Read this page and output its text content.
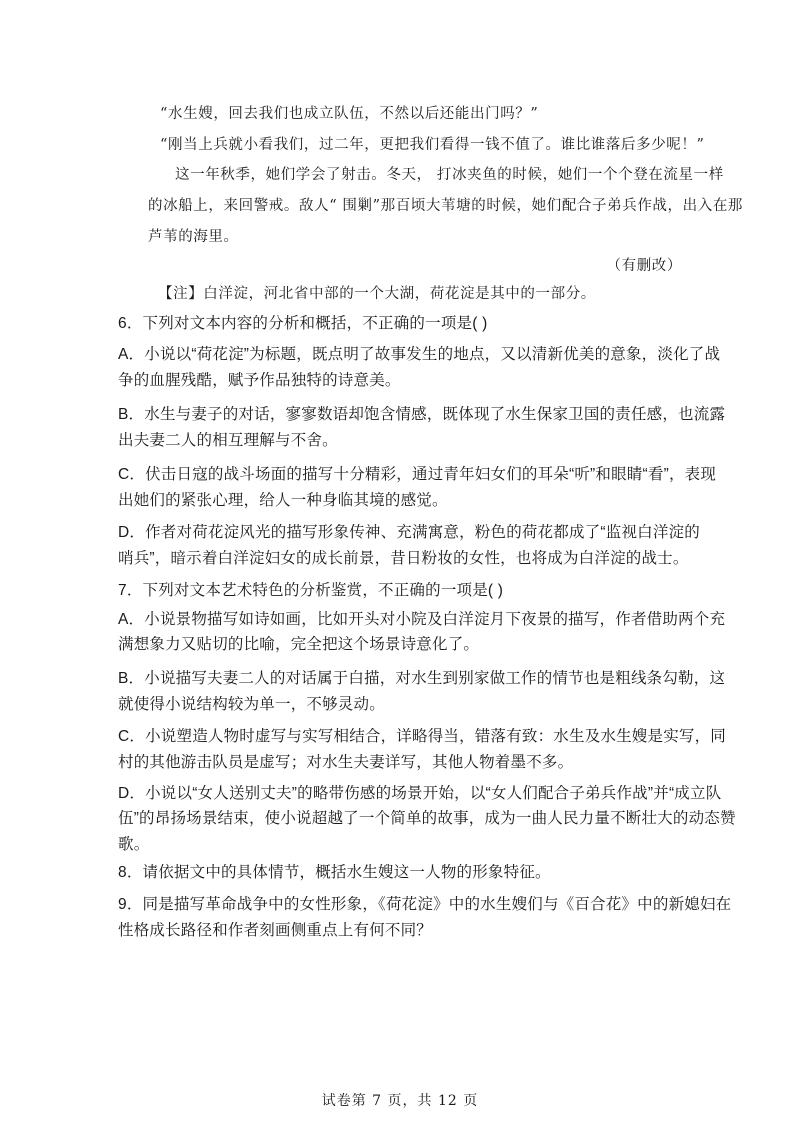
“水生嫂，回去我们也成立队伍，不然以后还能出门吗？”
“刚当上兵就小看我们，过二年，更把我们看得一钱不值了。谁比谁落后多少呢！”
这一年秋季，她们学会了射击。冬天， 打冰夹鱼的时候，她们一个个登在流星一样
的冰船上，来回警戒。敌人“ 围剿”那百顷大苇塘的时候，她们配合子弟兵作战，出入在那
芦苇的海里。
（有删改）
【注】白洋淀，河北省中部的一个大湖，荷花淀是其中的一部分。
6．下列对文本内容的分析和概括，不正确的一项是( )
A．小说以“荷花淀”为标题，既点明了故事发生的地点，又以清新优美的意象，淡化了战
争的血腥残酷，赋予作品独特的诗意美。
B．水生与妻子的对话，寥寥数语却饱含情感，既体现了水生保家卫国的责任感，也流露
出夫妻二人的相互理解与不舍。
C．伏击日寇的战斗场面的描写十分精彩，通过青年妇女们的耳朵“听”和眼睛“看”，表现
出她们的紧张心理，给人一种身临其境的感觉。
D．作者对荷花淀风光的描写形象传神、充满寓意，粉色的荷花都成了“监视白洋淀的
哨兵”，暗示着白洋淀妇女的成长前景，昔日粉妆的女性，也将成为白洋淀的战士。
7．下列对文本艺术特色的分析鉴赏，不正确的一项是( )
A．小说景物描写如诗如画，比如开头对小院及白洋淀月下夜景的描写，作者借助两个充
满想象力又贴切的比喻，完全把这个场景诗意化了。
B．小说描写夫妻二人的对话属于白描，对水生到别家做工作的情节也是粗线条勾勒，这
就使得小说结构较为单一，不够灵动。
C．小说塑造人物时虚写与实写相结合，详略得当，错落有致：水生及水生嫂是实写，同
村的其他游击队员是虚写；对水生夫妻详写，其他人物着墨不多。
D．小说以“女人送别丈夫”的略带伤感的场景开始，以“女人们配合子弟兵作战”并“成立队
伍”的昂扬场景结束，使小说超越了一个简单的故事，成为一曲人民力量不断壮大的动态赞
歌。
8．请依据文中的具体情节，概括水生嫂这一人物的形象特征。
9．同是描写革命战争中的女性形象，《荷花淀》中的水生嫂们与《百合花》中的新媳妇在
性格成长路径和作者刻画侧重点上有何不同？
试卷第 7 页，共 12 页
